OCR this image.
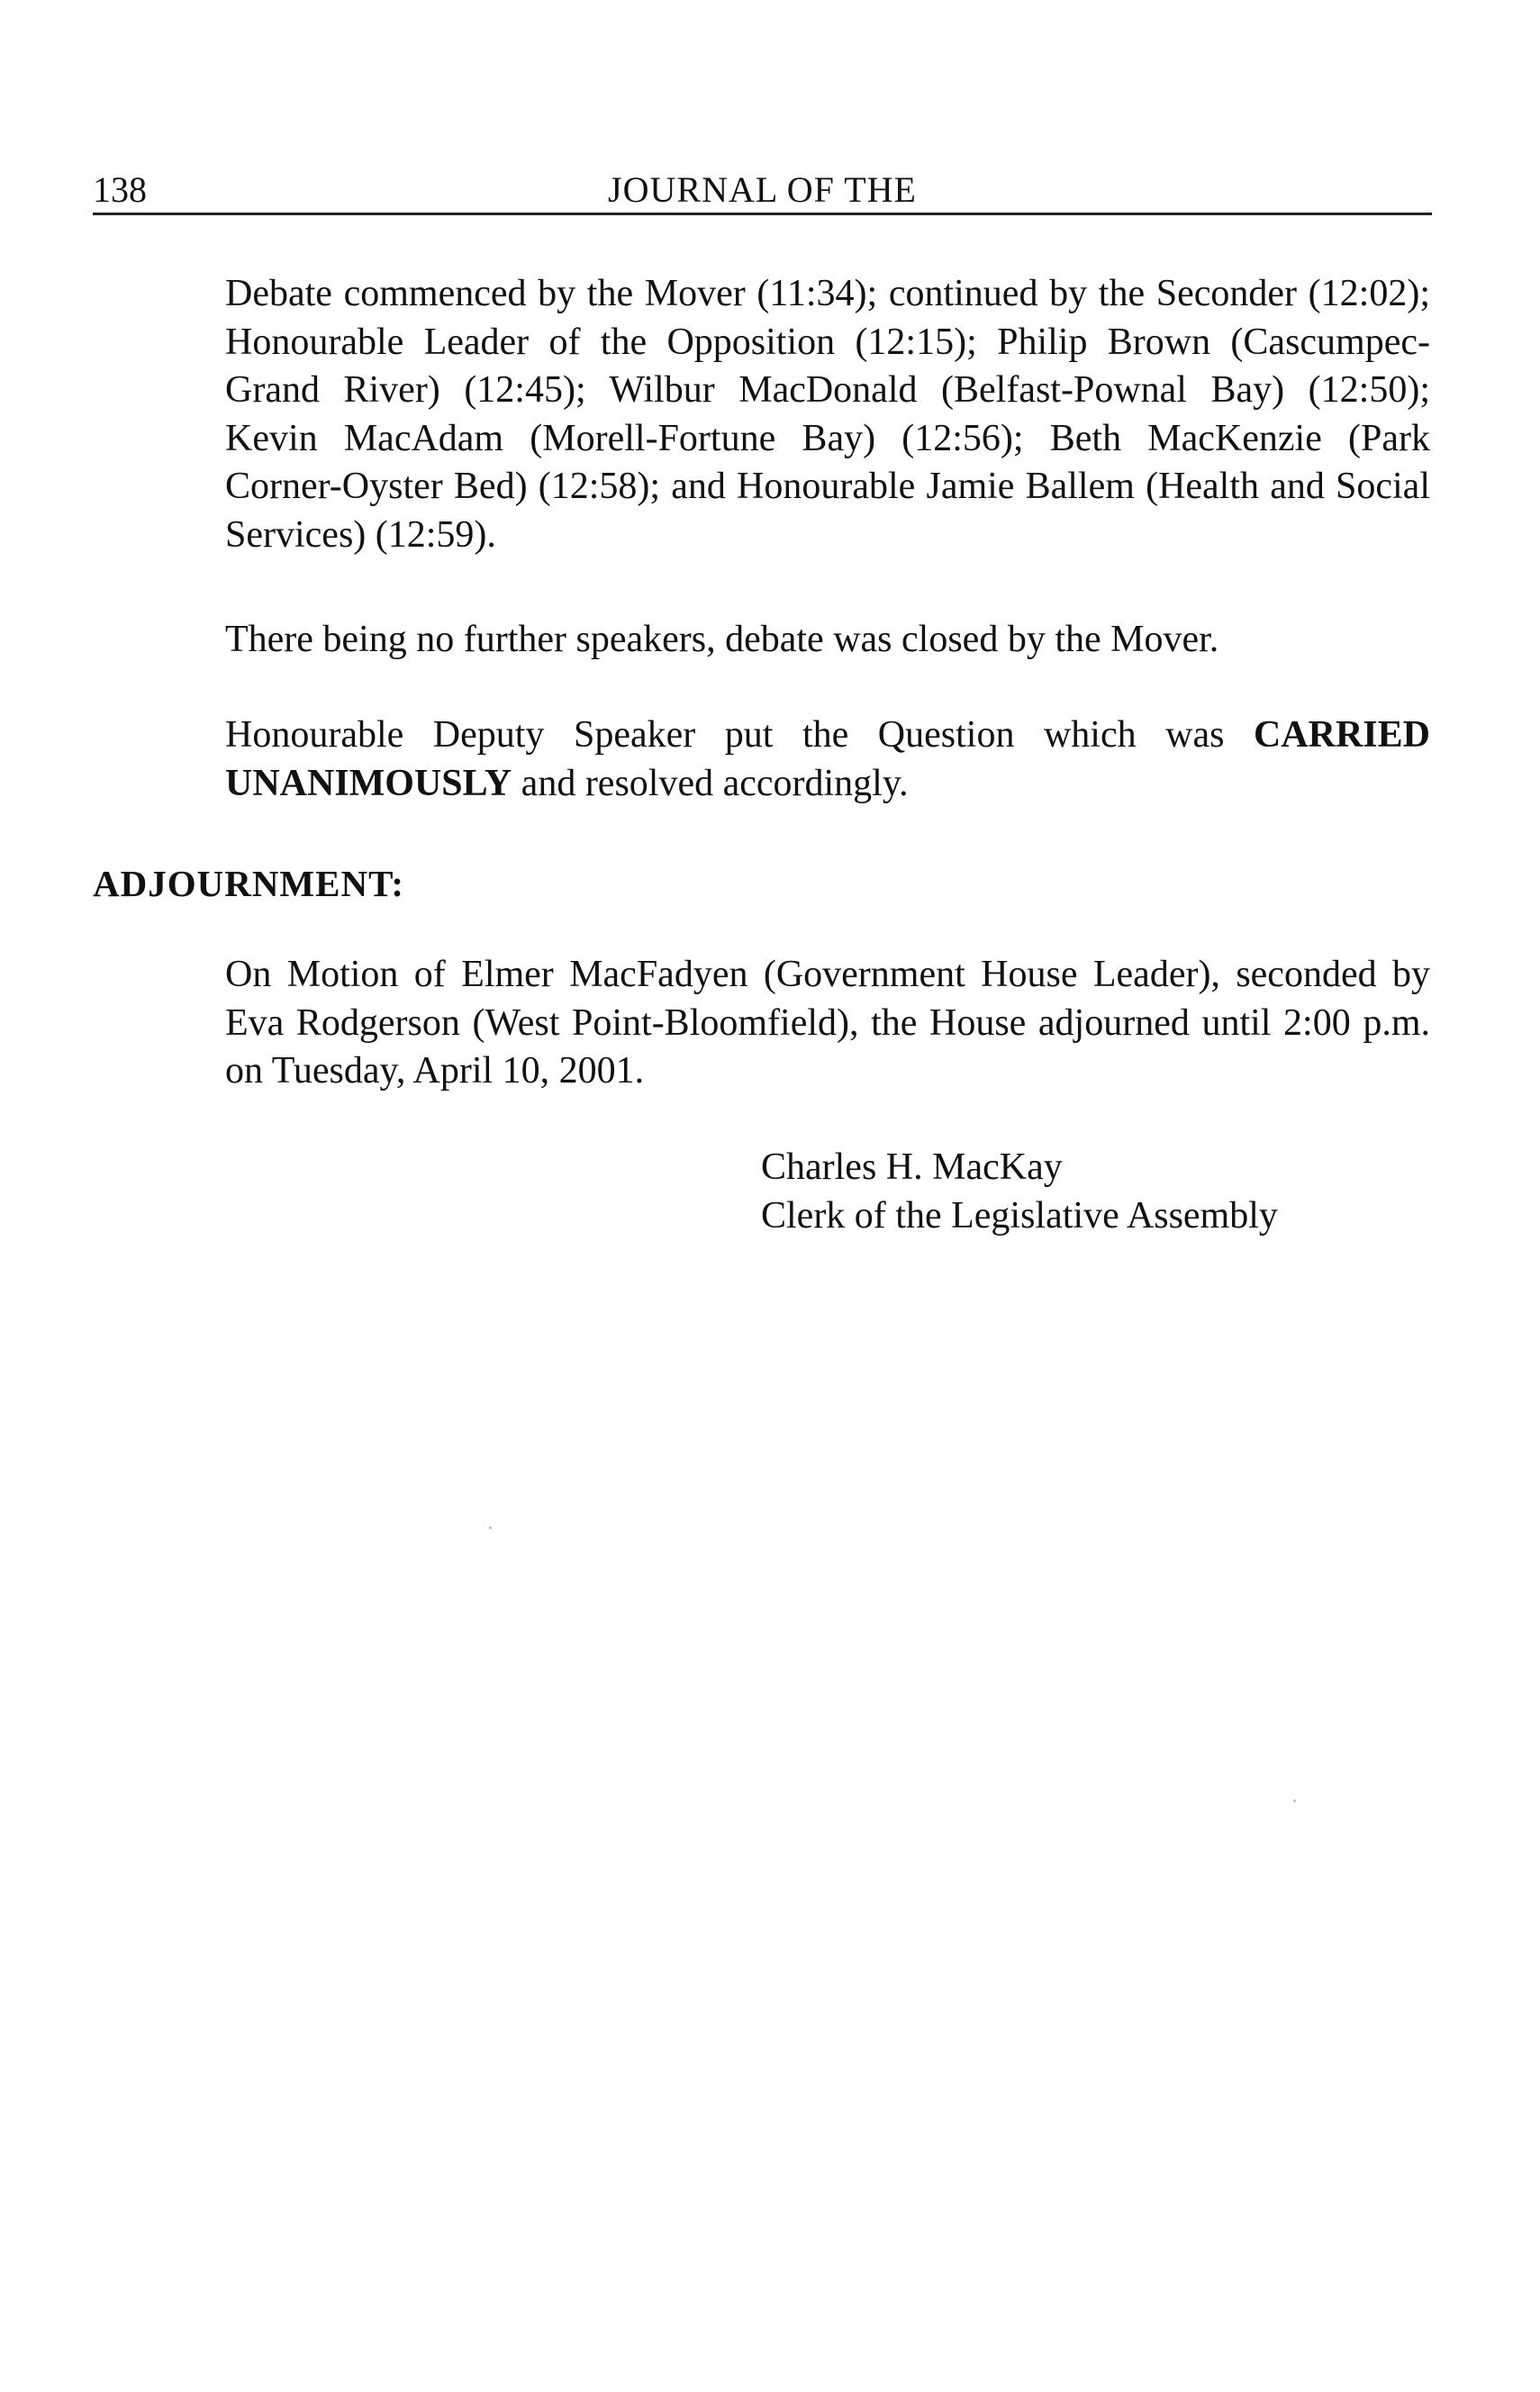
138	JOURNAL OF THE

Debate commenced by the Mover (11:34); continued by the Seconder (12:02); Honourable Leader of the Opposition (12:15); Philip Brown (Cascumpec-Grand River) (12:45); Wilbur MacDonald (Belfast-Pownal Bay) (12:50); Kevin MacAdam (Morell-Fortune Bay) (12:56); Beth MacKenzie (Park Corner-Oyster Bed) (12:58); and Honourable Jamie Ballem (Health and Social Services) (12:59).

There being no further speakers, debate was closed by the Mover.

Honourable Deputy Speaker put the Question which was CARRIED UNANIMOUSLY and resolved accordingly.

ADJOURNMENT:

On Motion of Elmer MacFadyen (Government House Leader), seconded by Eva Rodgerson (West Point-Bloomfield), the House adjourned until 2:00 p.m. on Tuesday, April 10, 2001.

Charles H. MacKay
Clerk of the Legislative Assembly
